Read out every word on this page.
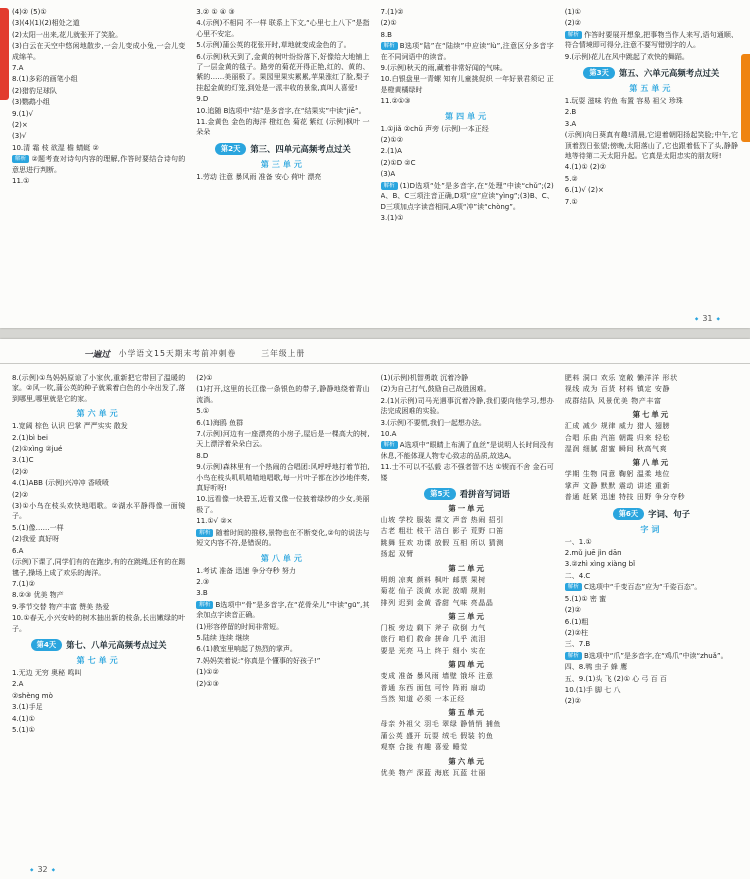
(4)② (5)①

(3)(4)(1)(2)相处之道

(2)太阳一出来,花儿就张开了笑脸。

(3)白云在天空中悠闲地散步,一会儿变成小兔,一会儿变成绵羊。

7.A

8.(1)多彩的画笔小组

(2)猎豹足球队

(3)鹦鹉小组

9.(1)√

(2)×

(3)√

10.清 霜 枝 欲湿 檐 蜻蜓 ②

解析 ②题考查对诗句内容的理解,作答时要结合诗句的意思进行判断。

11.①

3.② ① ④ ③

4.(示例)不相同 不一样 联系上下文,“心里七上八下”是指心里不安定。

5.(示例)蒲公英的花张开时,草地就变成金色的了。

6.(示例)秋天到了,金黄的树叶纷纷落下,好像给大地铺上了一层金黄的毯子。路旁的菊花开得正艳,红的、黄的、紫的……美丽极了。果园里果实累累,苹果涨红了脸,梨子挂起金黄的灯笼,到处是一派丰收的景象,真叫人喜爱!

9.D

10.追随 B选项中“结”是多音字,在“结果实”中读“jiē”。

11.金黄色 金色的海洋 橙红色 菊花 紫红 (示例)枫叶 一朵朵

第2天	第三、四单元高频考点过关
第三单元

1.劳动 注意 暴风雨 准备 安心 荷叶 漂亮

7.(1)②

(2)①

8.B

解析 B选项“陆”在“陆续”中应读“lù”,注意区分多音字在不同词语中的读音。

9.(示例)秋天的雨,藏着非常好闻的气味。

10.白银盘里一青螺 知有儿童挑促织 一年好景君须记 正是橙黄橘绿时

11.②①③

第四单元

1.①jiǎ ②chǔ 声旁 (示例)一本正经

(2)①②

2.(1)A

(2)①D ②C

(3)A

解析 (1)D选项“处”是多音字,在“处理”中读“chǔ”;(2)A、B、C三项注音正确,D项“应”应读“yìng”;(3)B、C、D三项加点字读音相同,A项“冲”读“chòng”。

3.(1)①

(1)①

(2)②

解析 作答时要展开想象,把事物当作人来写,语句通顺、符合情境即可得分,注意不要写错别字的人。

9.(示例)花儿在风中跳起了欢快的舞蹈。

第3天	第五、六单元高频考点过关
第五单元

1.玩耍 滋味 钓鱼 布置 容易 祖父 珍珠

2.B

3.A

(示例)向日葵真有趣!清晨,它迎着朝阳扬起笑脸;中午,它顶着烈日张望;傍晚,太阳落山了,它也跟着低下了头,静静地等待第二天太阳升起。它真是太阳忠实的朋友呀!

4.(1)① (2)②

5.②

6.(1)√ (2)×

7.①

◆ 31 ◆
一遍过 小学语文15天期末考前冲刺卷	三年级上册

8.(示例)①鸟妈妈原谅了小家伙,重新把它带回了温暖的家。②风一吹,蒲公英的种子就乘着白色的小伞出发了,落到哪里,哪里就是它的家。

第六单元

1.宽阔 棕色 认识 巴掌 严严实实 散发

2.(1)bì bei

(2)①xìng ②jué

3.(1)C

(2)②

4.(1)ABB (示例)兴冲冲 香喷喷

(2)②

(3)①小鸟在枝头欢快地唱歌。②湖水平静得像一面镜子。

5.(1)像……一样

(2)我爱 真好呀

6.A

(示例)下课了,同学们有的在跑步,有的在跳绳,还有的在踢毽子,操场上成了欢乐的海洋。

7.(1)②

8.②③ 优美 物产

9.季节交替 物产丰富 赞美 热爱

10.①春天,小兴安岭的树木抽出新的枝条,长出嫩绿的叶子。

第4天	第七、八单元高频考点过关
第七单元

1.无边 无穷 奥秘 鸣叫

2.A

②shèng mò

3.(1)手足

4.(1)①

5.(1)①

(2)①

(1)打开,这里的长江像一条银色的带子,静静地绕着青山流淌。

5.①

6.(1)海鸥 鱼群

7.(示例)河边有一座漂亮的小房子,屋后是一棵高大的树,天上漂浮着朵朵白云。

8.D

9.(示例)森林里有一个热闹的合唱团:风呼呼地打着节拍,小鸟在枝头叽叽喳喳地唱歌,每一片叶子都在沙沙地伴奏,真好听呀!

10.远看像一块碧玉,近看又像一位披着绿纱的少女,美丽极了。

11.①√ ②×

解析 随着时间的推移,景物也在不断变化,②句的说法与短文内容不符,是错误的。

第八单元

1.考试 准备 迅速 争分夺秒 努力

2.③

3.B

解析 B选项中“骨”是多音字,在“花骨朵儿”中读“gū”,其余加点字读音正确。

(1)形容停留的时间非常短。

5.陆续 连续 继续

6.(1)教室里响起了热烈的掌声。

7.妈妈笑着说:“你真是个懂事的好孩子!”

(1)①②

(2)①③

(1)(示例)机智勇敢 沉着冷静

(2)为自己打气,鼓励自己战胜困难。

2.(1)(示例)司马光遇事沉着冷静,我们要向他学习,想办法完成困难的实验。

3.(示例)不要慌,我们一起想办法。

10.A

解析 A选项中“眼睛上布满了血丝”是说明人长时间没有休息,不能体现人物专心致志的品质,故选A。

11.士不可以不弘毅 志不强者智不达 ①锲而不舍 金石可镂

第5天	看拼音写词语
第一单元

山坡 学校 服装 课文 声音 热闹 招引

古老 粗壮 枝干 洁白 影子 荒野 口笛

跳舞 狂欢 功课 放假 互相 所以 猜测

扬起 双臂

第二单元

明朗 凉爽 颜料 枫叶 邮票 果树

菊花 仙子 淡黄 水泥 放晴 规则

排列 迟到 金黄 香甜 气味 亮晶晶

第三单元

门板 旁边 剩下 斧子 砍倒 力气

旅行 咱们 救命 拼命 几乎 流泪

要是 光亮 马上 终于 细小 实在

第四单元

变成 准备 暴风雨 墙壁 饿坏 注意

普通 东西 面包 可怜 阵雨 扇动

当然 知道 必须 一本正经

第五单元

母亲 外祖父 羽毛 翠绿 静悄悄 捕鱼

蒲公英 盛开 玩耍 绒毛 假装 钓鱼

观察 合拢 有趣 喜爱 睡觉

第六单元

优美 物产 深蓝 海底 瓦蓝 壮丽

肥料 洞口 欢乐 宽敞 懒洋洋 形状

视线 成为 百货 材料 镇定 安静

成群结队 风景优美 物产丰富

第七单元

汇成 减少 规律 威力 猎人 翅膀

合唱 乐曲 汽笛 朝霞 归来 轻松

湿润 细腻 甜蜜 瞬间 秋高气爽

第八单元

学期 生物 同意 鞠躬 温柔 地位

掌声 文静 默默 震动 讲述 重新

普通 赶紧 迅速 特技 田野 争分夺秒

第6天	字词、句子
字词

一、1.①

2.mǔ juē jìn dān

3.②zhì xìng xiàng bǐ

二、4.C

解析 C选项中“千变百态”应为“千姿百态”。

5.(1)① 密 蜜

(2)②

6.(1)粗

(2)②柱

三、7.B

解析 B选项中“爪”是多音字,在“鸡爪”中读“zhuǎ”。

四、8.鸭 虫子 蜂 鹰

五、9.(1)头 飞 (2)① 心 弓 百 百

10.(1)手 脚 七 八

(2)②

◆ 32 ◆
